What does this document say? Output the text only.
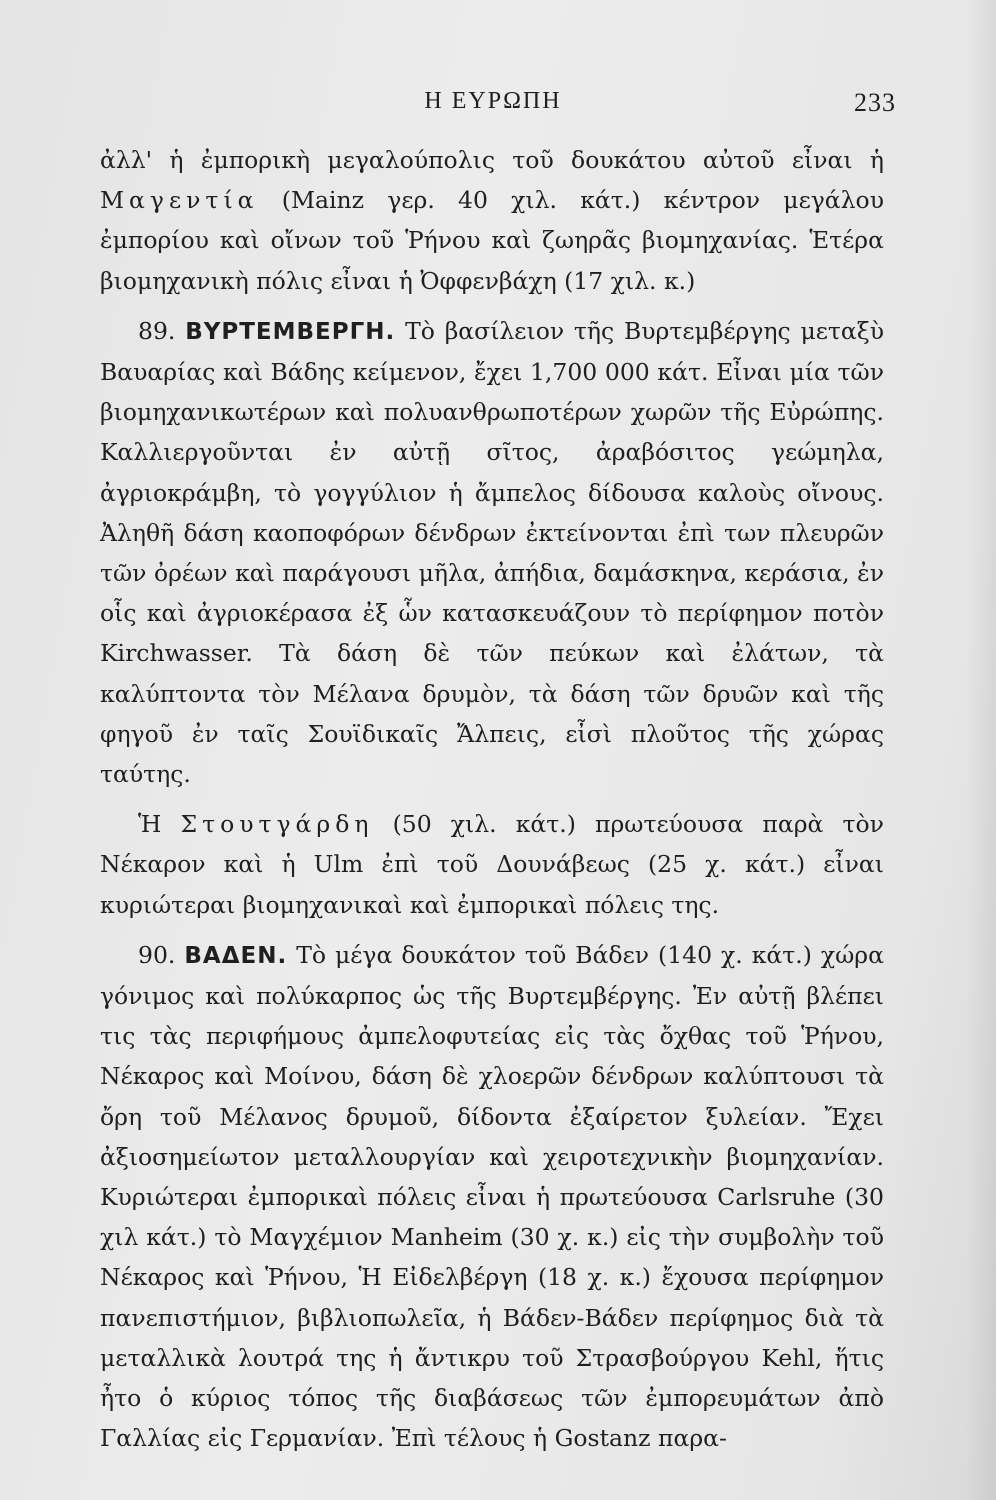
Η ΕΥΡΩΠΗ	233

ἀλλ' ἡ ἐμπορικὴ μεγαλούπολις τοῦ δουκάτου αὐτοῦ εἶναι ἡ Μαγεντία (Mainz γερ. 40 χιλ. κάτ.) κέντρον μεγάλου ἐμπορίου καὶ οἴνων τοῦ Ῥήνου καὶ ζωηρᾶς βιομηχανίας. Ἑτέρα βιομηχανικὴ πόλις εἶναι ἡ Ὀφφενβάχη (17 χιλ. κ.)

89. ΒΥΡΤΕΜΒΕΡΓΗ. Τὸ βασίλειον τῆς Βυρτεμβέργης μεταξὺ Βαυαρίας καὶ Βάδης κείμενον, ἔχει 1,700 000 κάτ. Εἶναι μία τῶν βιομηχανικωτέρων καὶ πολυανθρωποτέρων χωρῶν τῆς Εὐρώπης. Καλλιεργοῦνται ἐν αὐτῇ σῖτος, ἀραβόσιτος γεώμηλα, ἀγριοκράμβη, τὸ γογγύλιον ἡ ἄμπελος δίδουσα καλοὺς οἴνους. Ἀληθῆ δάση καοποφόρων δένδρων ἐκτείνονται ἐπὶ των πλευρῶν τῶν ὀρέων καὶ παράγουσι μῆλα, ἀπήδια, δαμάσκηνα, κεράσια, ἐν οἷς καὶ ἀγριοκέρασα ἐξ ὧν κατασκευάζουν τὸ περίφημον ποτὸν Kirchwasser. Τὰ δάση δὲ τῶν πεύκων καὶ ἐλάτων, τὰ καλύπτοντα τὸν Μέλανα δρυμὸν, τὰ δάση τῶν δρυῶν καὶ τῆς φηγοῦ ἐν ταῖς Σουϊδικαῖς Ἄλπεις, εἶσὶ πλοῦτος τῆς χώρας ταύτης.

Ἡ Στουτγάρδη (50 χιλ. κάτ.) πρωτεύουσα παρὰ τὸν Νέκαρον καὶ ἡ Ulm ἐπὶ τοῦ Δουνάβεως (25 χ. κάτ.) εἶναι κυριώτεραι βιομηχανικαὶ καὶ ἐμπορικαὶ πόλεις της.

90. ΒΑΔΕΝ. Τὸ μέγα δουκάτον τοῦ Βάδεν (140 χ. κάτ.) χώρα γόνιμος καὶ πολύκαρπος ὡς τῆς Βυρτεμβέργης. Ἐν αὐτῇ βλέπει τις τὰς περιφήμους ἀμπελοφυτείας εἰς τὰς ὄχθας τοῦ Ῥήνου, Νέκαρος καὶ Μοίνου, δάση δὲ χλοερῶν δένδρων καλύπτουσι τὰ ὄρη τοῦ Μέλανος δρυμοῦ, δίδοντα ἐξαίρετον ξυλείαν. Ἔχει ἀξιοσημείωτον μεταλλουργίαν καὶ χειροτεχνικὴν βιομηχανίαν. Κυριώτεραι ἐμπορικαὶ πόλεις εἶναι ἡ πρωτεύουσα Carlsruhe (30 χιλ κάτ.) τὸ Μαγχέμιον Manheim (30 χ. κ.) εἰς τὴν συμβολὴν τοῦ Νέκαρος καὶ Ῥήνου, Ἡ Εἰδελβέργη (18 χ. κ.) ἔχουσα περίφημον πανεπιστήμιον, βιβλιοπωλεῖα, ἡ Βάδεν-Βάδεν περίφημος διὰ τὰ μεταλλικὰ λουτρά της ἡ ἄντικρυ τοῦ Στρασβούργου Kehl, ἥτις ἦτο ὁ κύριος τόπος τῆς διαβάσεως τῶν ἐμπορευμάτων ἀπὸ Γαλλίας εἰς Γερμανίαν. Ἐπὶ τέλους ἡ Gostanz παρα-
